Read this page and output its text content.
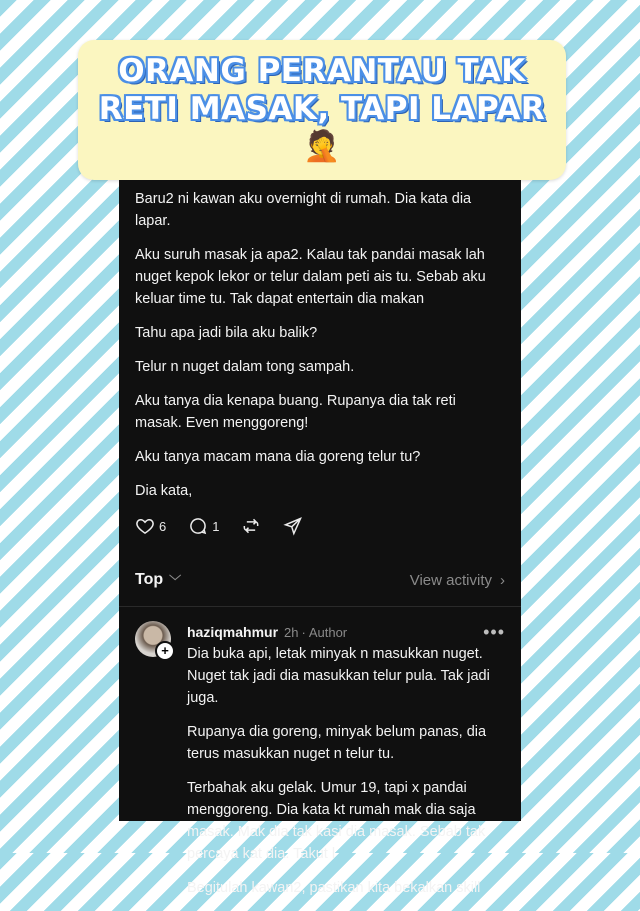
ORANG PERANTAU TAK
RETI MASAK, TAPI LAPAR
🤦

Baru2 ni kawan aku overnight di rumah. Dia kata dia lapar.

Aku suruh masak ja apa2. Kalau tak pandai masak lah nuget kepok lekor or telur dalam peti ais tu. Sebab aku keluar time tu. Tak dapat entertain dia makan

Tahu apa jadi bila aku balik?

Telur n nuget dalam tong sampah.

Aku tanya dia kenapa buang. Rupanya dia tak reti masak. Even menggoreng!

Aku tanya macam mana dia goreng telur tu?

Dia kata,

6	1
Top ﹀	View activity ›
+
haziqmahmur 2h · Author	•••

Dia buka api, letak minyak n masukkan nuget. Nuget tak jadi dia masukkan telur pula. Tak jadi juga.

Rupanya dia goreng, minyak belum panas, dia terus masukkan nuget n telur tu.

Terbahak aku gelak. Umur 19, tapi x pandai menggoreng. Dia kata kt rumah mak dia saja masak. Mak dia tak kasi dia masak. Sebab tak percaya kat dia. Takut l

Begitulah kawan2, pastikan kita bekalkan skill
